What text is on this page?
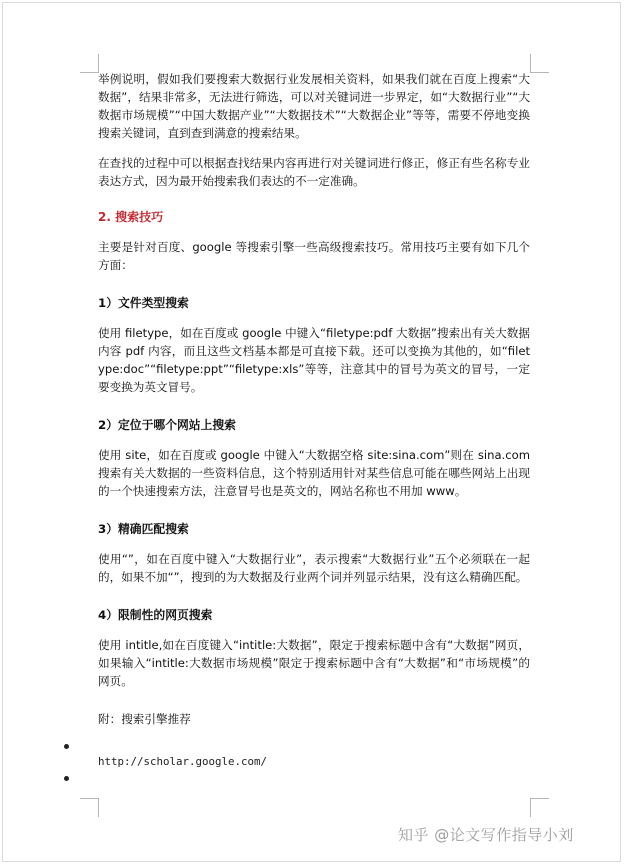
举例说明，假如我们要搜索大数据行业发展相关资料，如果我们就在百度上搜索“大数据”，结果非常多，无法进行筛选，可以对关键词进一步界定，如“大数据行业”“大数据市场规模”“中国大数据产业”“大数据技术”“大数据企业”等等，需要不停地变换搜索关键词，直到查到满意的搜索结果。

在查找的过程中可以根据查找结果内容再进行对关键词进行修正，修正有些名称专业表达方式，因为最开始搜索我们表达的不一定准确。

2. 搜索技巧

主要是针对百度、google 等搜索引擎一些高级搜索技巧。常用技巧主要有如下几个方面：

1）文件类型搜索

使用 filetype，如在百度或 google 中键入“filetype:pdf 大数据”搜索出有关大数据内容 pdf 内容，而且这些文档基本都是可直接下载。还可以变换为其他的，如“filetype:doc”“filetype:ppt”“filetype:xls”等等，注意其中的冒号为英文的冒号，一定要变换为英文冒号。

2）定位于哪个网站上搜索

使用 site，如在百度或 google 中键入“大数据空格 site:sina.com”则在 sina.com 搜索有关大数据的一些资料信息，这个特别适用针对某些信息可能在哪些网站上出现的一个快速搜索方法，注意冒号也是英文的，网站名称也不用加 www。

3）精确匹配搜索

使用“”，如在百度中键入“大数据行业”，表示搜索“大数据行业”五个必须联在一起的，如果不加“”，搜到的为大数据及行业两个词并列显示结果，没有这么精确匹配。

4）限制性的网页搜索

使用 intitle,如在百度键入“intitle:大数据”，限定于搜索标题中含有“大数据”网页，如果输入“intitle:大数据市场规模”限定于搜索标题中含有“大数据”和“市场规模”的网页。

附：搜索引擎推荐
http://scholar.google.com/
知乎 @论文写作指导小刘
